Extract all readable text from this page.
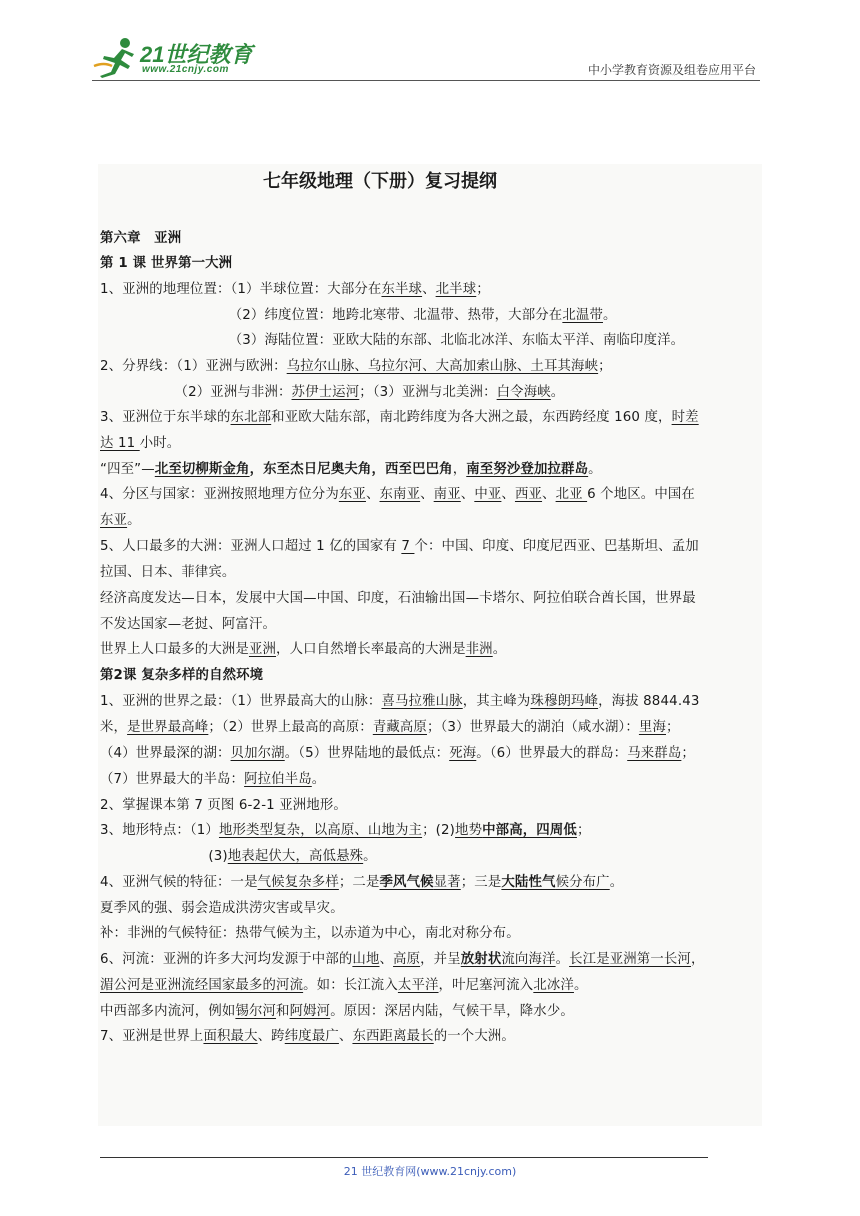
21世纪教育
www.21cnjy.com	中小学教育资源及组卷应用平台
七年级地理（下册）复习提纲
第六章　亚洲
第 1 课 世界第一大洲
1、亚洲的地理位置：（1）半球位置：大部分在东半球、北半球；
　　　　　　　　　　（2）纬度位置：地跨北寒带、北温带、热带，大部分在北温带。
　　　　　　　　　　（3）海陆位置：亚欧大陆的东部、北临北冰洋、东临太平洋、南临印度洋。
2、分界线：（1）亚洲与欧洲：乌拉尔山脉、乌拉尔河、大高加索山脉、土耳其海峡；
　　　　　　（2）亚洲与非洲：苏伊士运河；（3）亚洲与北美洲：白令海峡。
3、亚洲位于东半球的东北部和亚欧大陆东部，南北跨纬度为各大洲之最，东西跨经度 160 度，时差
达 11 小时。
“四至”—北至切柳斯金角，东至杰日尼奥夫角，西至巴巴角，南至努沙登加拉群岛。
4、分区与国家：亚洲按照地理方位分为东亚、东南亚、南亚、中亚、西亚、北亚 6 个地区。中国在
东亚。
5、人口最多的大洲：亚洲人口超过 1 亿的国家有 7 个：中国、印度、印度尼西亚、巴基斯坦、孟加
拉国、日本、菲律宾。
经济高度发达—日本，发展中大国—中国、印度，石油输出国—卡塔尔、阿拉伯联合酋长国，世界最
不发达国家—老挝、阿富汗。
世界上人口最多的大洲是亚洲，人口自然增长率最高的大洲是非洲。
第2课 复杂多样的自然环境
1、亚洲的世界之最：（1）世界最高大的山脉：喜马拉雅山脉，其主峰为珠穆朗玛峰，海拔 8844.43
米，是世界最高峰；（2）世界上最高的高原：青藏高原；（3）世界最大的湖泊（咸水湖）：里海；
（4）世界最深的湖：贝加尔湖。（5）世界陆地的最低点：死海。（6）世界最大的群岛：马来群岛；
（7）世界最大的半岛：阿拉伯半岛。
2、掌握课本第 7 页图 6-2-1 亚洲地形。
3、地形特点：（1）地形类型复杂，以高原、山地为主；(2)地势中部高，四周低；
　　　　　　　　(3)地表起伏大，高低悬殊。
4、亚洲气候的特征：一是气候复杂多样；二是季风气候显著；三是大陆性气候分布广。
夏季风的强、弱会造成洪涝灾害或旱灾。
补：非洲的气候特征：热带气候为主，以赤道为中心，南北对称分布。
6、河流：亚洲的许多大河均发源于中部的山地、高原，并呈放射状流向海洋。长江是亚洲第一长河，
湄公河是亚洲流经国家最多的河流。如：长江流入太平洋，叶尼塞河流入北冰洋。
中西部多内流河，例如锡尔河和阿姆河。原因：深居内陆，气候干旱，降水少。
7、亚洲是世界上面积最大、跨纬度最广、东西距离最长的一个大洲。
21 世纪教育网(www.21cnjy.com)
